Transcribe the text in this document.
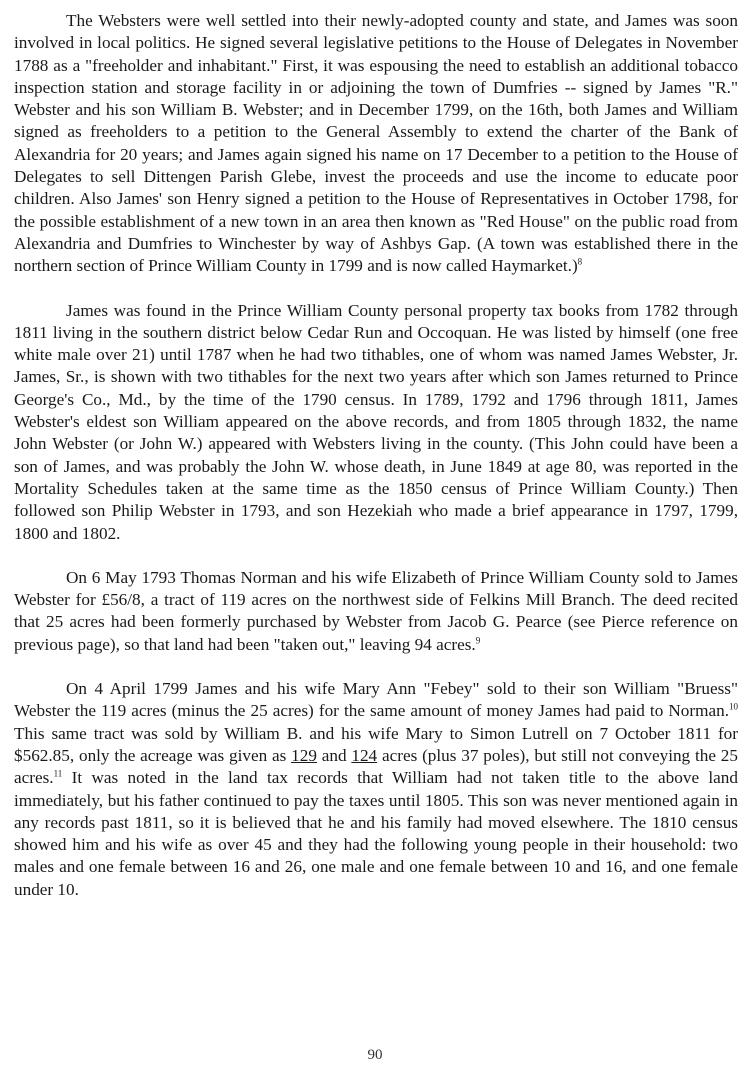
The Websters were well settled into their newly-adopted county and state, and James was soon involved in local politics. He signed several legislative petitions to the House of Delegates in November 1788 as a "freeholder and inhabitant." First, it was espousing the need to establish an additional tobacco inspection station and storage facility in or adjoining the town of Dumfries -- signed by James "R." Webster and his son William B. Webster; and in December 1799, on the 16th, both James and William signed as freeholders to a petition to the General Assembly to extend the charter of the Bank of Alexandria for 20 years; and James again signed his name on 17 December to a petition to the House of Delegates to sell Dittengen Parish Glebe, invest the proceeds and use the income to educate poor children. Also James' son Henry signed a petition to the House of Representatives in October 1798, for the possible establishment of a new town in an area then known as "Red House" on the public road from Alexandria and Dumfries to Winchester by way of Ashbys Gap. (A town was established there in the northern section of Prince William County in 1799 and is now called Haymarket.)$^8$

James was found in the Prince William County personal property tax books from 1782 through 1811 living in the southern district below Cedar Run and Occoquan. He was listed by himself (one free white male over 21) until 1787 when he had two tithables, one of whom was named James Webster, Jr. James, Sr., is shown with two tithables for the next two years after which son James returned to Prince George's Co., Md., by the time of the 1790 census. In 1789, 1792 and 1796 through 1811, James Webster's eldest son William appeared on the above records, and from 1805 through 1832, the name John Webster (or John W.) appeared with Websters living in the county. (This John could have been a son of James, and was probably the John W. whose death, in June 1849 at age 80, was reported in the Mortality Schedules taken at the same time as the 1850 census of Prince William County.) Then followed son Philip Webster in 1793, and son Hezekiah who made a brief appearance in 1797, 1799, 1800 and 1802.

On 6 May 1793 Thomas Norman and his wife Elizabeth of Prince William County sold to James Webster for £56/8, a tract of 119 acres on the northwest side of Felkins Mill Branch. The deed recited that 25 acres had been formerly purchased by Webster from Jacob G. Pearce (see Pierce reference on previous page), so that land had been "taken out," leaving 94 acres.$^9$

On 4 April 1799 James and his wife Mary Ann "Febey" sold to their son William "Bruess" Webster the 119 acres (minus the 25 acres) for the same amount of money James had paid to Norman.$^{10}$ This same tract was sold by William B. and his wife Mary to Simon Lutrell on 7 October 1811 for $562.85, only the acreage was given as 129 and 124 acres (plus 37 poles), but still not conveying the 25 acres.$^{11}$ It was noted in the land tax records that William had not taken title to the above land immediately, but his father continued to pay the taxes until 1805. This son was never mentioned again in any records past 1811, so it is believed that he and his family had moved elsewhere. The 1810 census showed him and his wife as over 45 and they had the following young people in their household: two males and one female between 16 and 26, one male and one female between 10 and 16, and one female under 10.

90
